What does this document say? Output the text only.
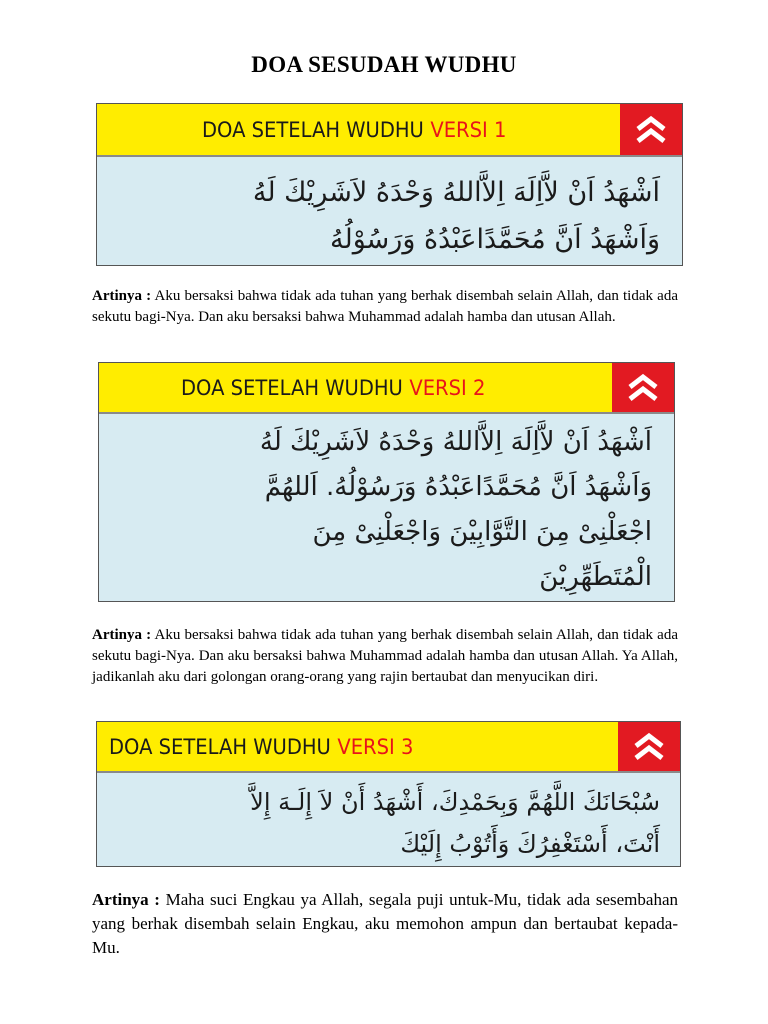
DOA SESUDAH WUDHU
DOA SETELAH WUDHU VERSI 1
اَشْهَدُ اَنْ لاَّاِلَهَ اِلاَّاللهُ وَحْدَهُ لاَشَرِيْكَ لَهُ
وَاَشْهَدُ اَنَّ مُحَمَّدًاعَبْدُهُ وَرَسُوْلُهُ
Artinya : Aku bersaksi bahwa tidak ada tuhan yang berhak disembah selain Allah, dan tidak ada sekutu bagi-Nya. Dan aku bersaksi bahwa Muhammad adalah hamba dan utusan Allah.
DOA SETELAH WUDHU VERSI 2
اَشْهَدُ اَنْ لاَّاِلَهَ اِلاَّاللهُ وَحْدَهُ لاَشَرِيْكَ لَهُ
وَاَشْهَدُ اَنَّ مُحَمَّدًاعَبْدُهُ وَرَسُوْلُهُ. اَللهُمَّ
اجْعَلْنِىْ مِنَ التَّوَّابِيْنَ وَاجْعَلْنِىْ مِنَ
الْمُتَطَهِّرِيْنَ
Artinya : Aku bersaksi bahwa tidak ada tuhan yang berhak disembah selain Allah, dan tidak ada sekutu bagi-Nya. Dan aku bersaksi bahwa Muhammad adalah hamba dan utusan Allah. Ya Allah, jadikanlah aku dari golongan orang-orang yang rajin bertaubat dan menyucikan diri.
DOA SETELAH WUDHU VERSI 3
سُبْحَانَكَ اللَّهُمَّ وَبِحَمْدِكَ، أَشْهَدُ أَنْ لاَ إِلَـهَ إِلاَّ
أَنْتَ، أَسْتَغْفِرُكَ وَأَتُوْبُ إِلَيْكَ
Artinya : Maha suci Engkau ya Allah, segala puji untuk-Mu, tidak ada sesembahan yang berhak disembah selain Engkau, aku memohon ampun dan bertaubat kepada-Mu.
